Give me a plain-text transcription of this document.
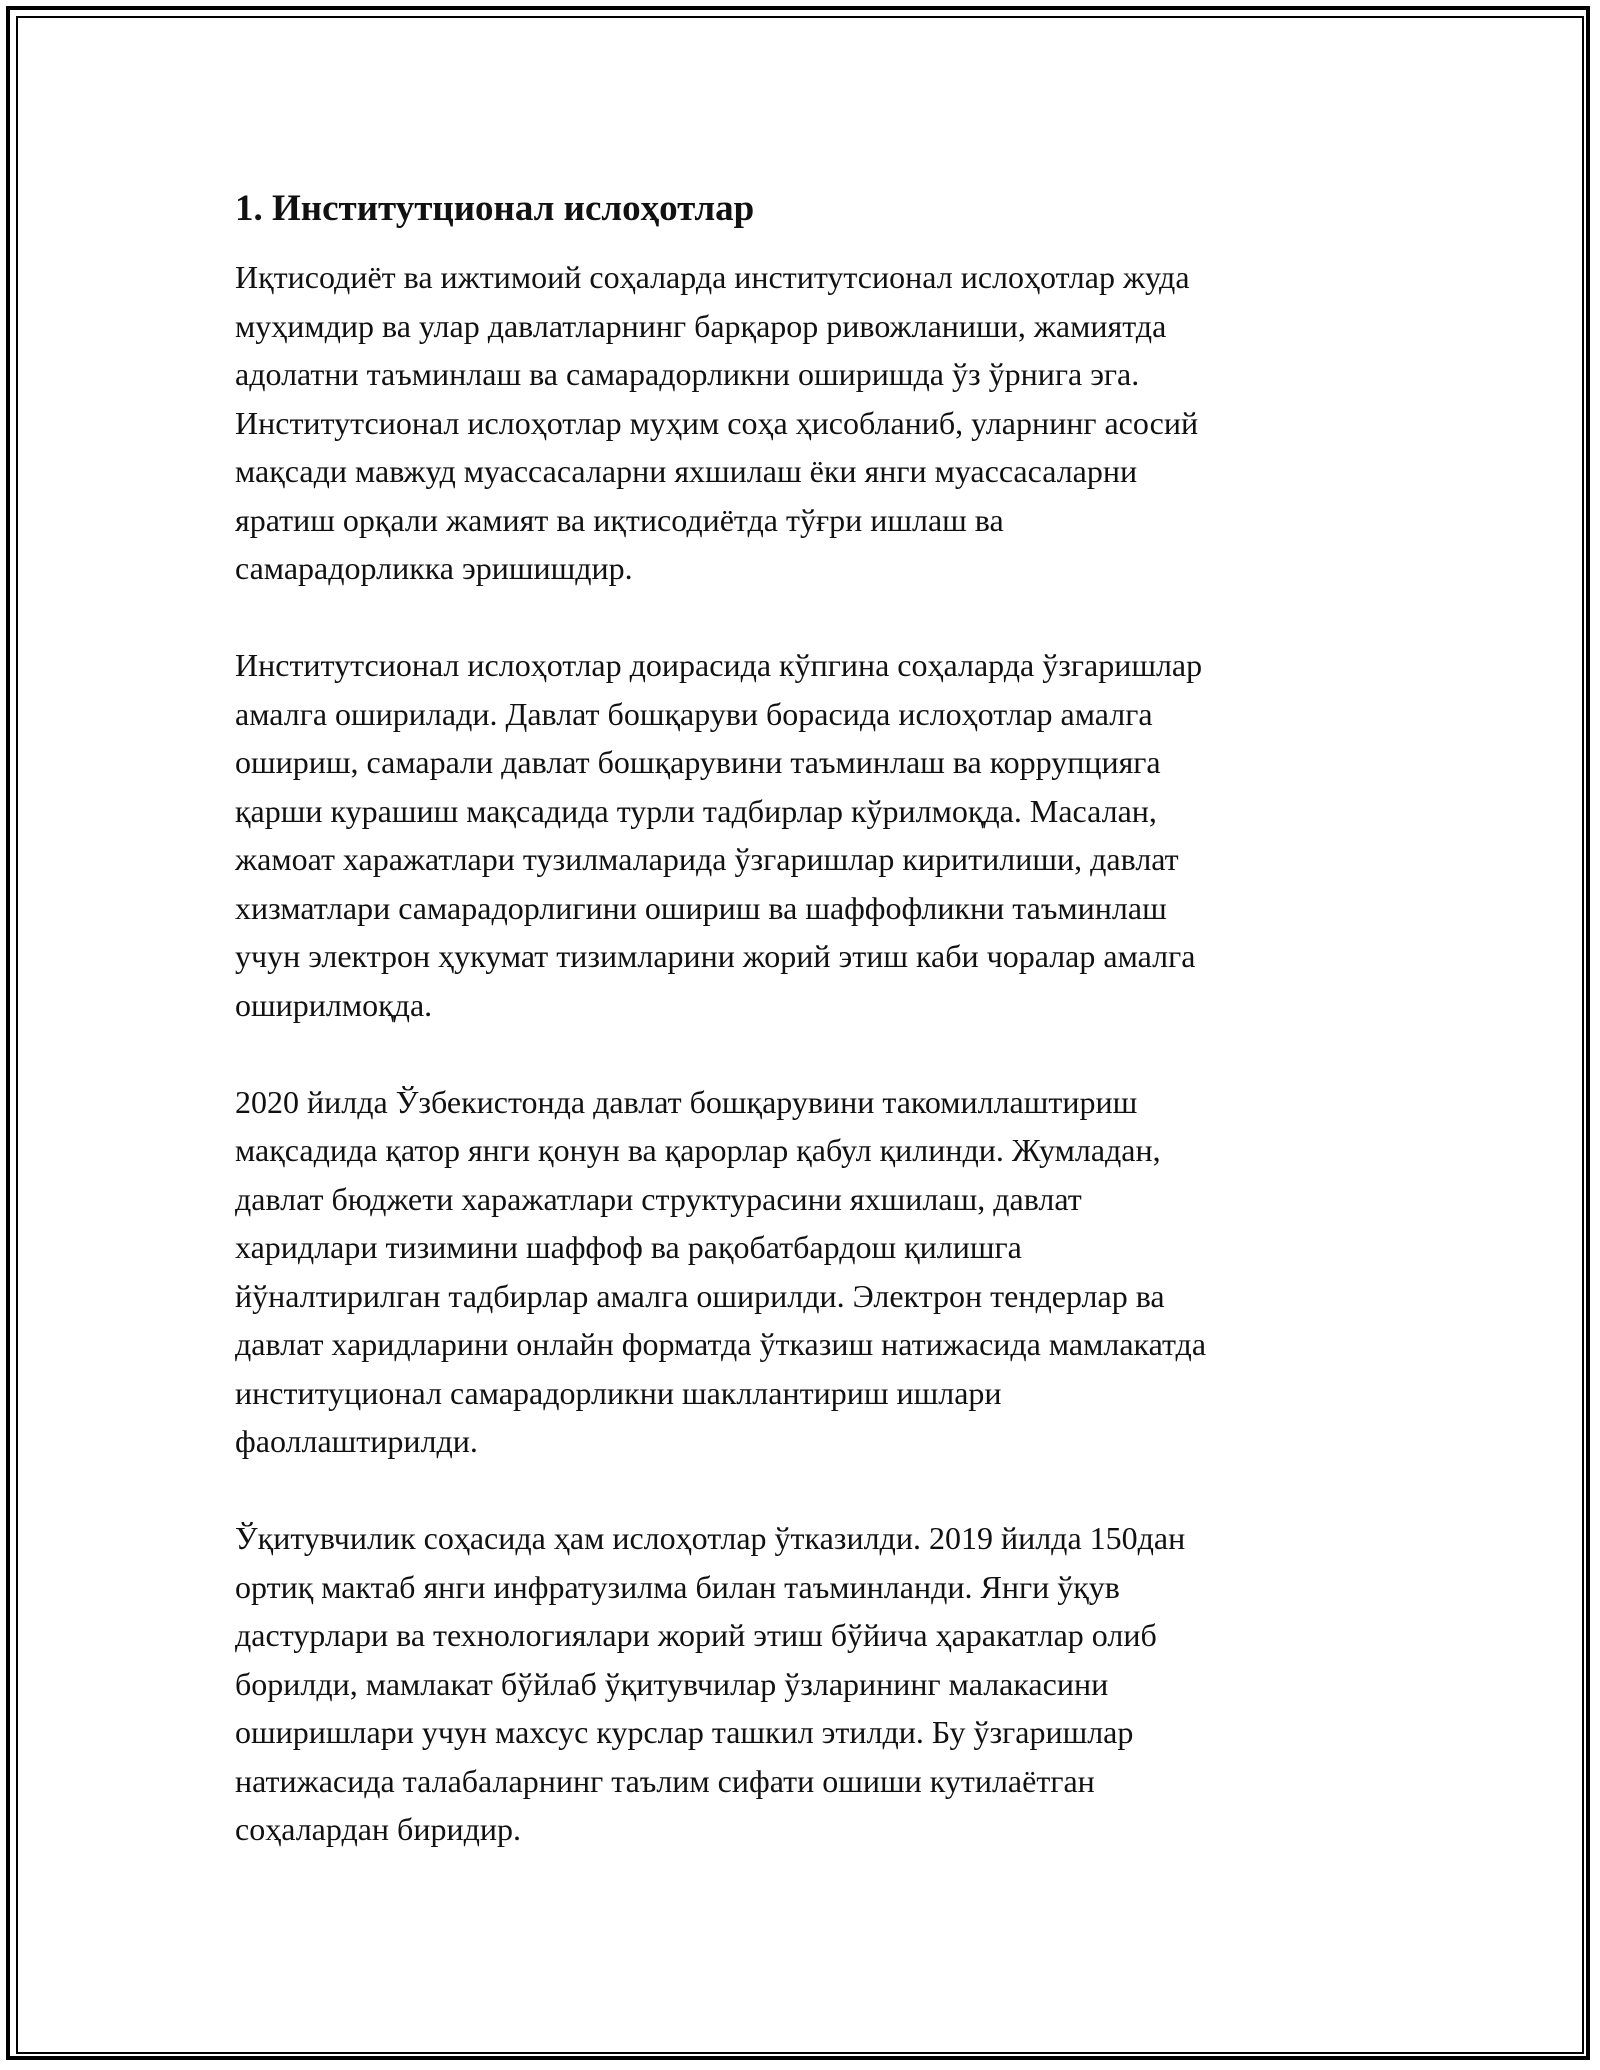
1. Институтционал ислоҳотлар
Иқтисодиёт ва ижтимоий соҳаларда институтсионал ислоҳотлар жуда
муҳимдир ва улар давлатларнинг барқарор ривожланиши, жамиятда
адолатни таъминлаш ва самарадорликни оширишда ўз ўрнига эга.
Институтсионал ислоҳотлар муҳим соҳа ҳисобланиб, уларнинг асосий
мақсади мавжуд муассасаларни яхшилаш ёки янги муассасаларни
яратиш орқали жамият ва иқтисодиётда тўғри ишлаш ва
самарадорликка эришишдир.
Институтсионал ислоҳотлар доирасида кўпгина соҳаларда ўзгаришлар
амалга оширилади. Давлат бошқаруви борасида ислоҳотлар амалга
ошириш, самарали давлат бошқарувини таъминлаш ва коррупцияга
қарши курашиш мақсадида турли тадбирлар кўрилмоқда. Масалан,
жамоат харажатлари тузилмаларида ўзгаришлар киритилиши, давлат
хизматлари самарадорлигини ошириш ва шаффофликни таъминлаш
учун электрон ҳукумат тизимларини жорий этиш каби чоралар амалга
оширилмоқда.
2020 йилда Ўзбекистонда давлат бошқарувини такомиллаштириш
мақсадида қатор янги қонун ва қарорлар қабул қилинди. Жумладан,
давлат бюджети харажатлари структурасини яхшилаш, давлат
харидлари тизимини шаффоф ва рақобатбардош қилишга
йўналтирилган тадбирлар амалга оширилди. Электрон тендерлар ва
давлат харидларини онлайн форматда ўтказиш натижасида мамлакатда
институционал самарадорликни шакллантириш ишлари
фаоллаштирилди.
Ўқитувчилик соҳасида ҳам ислоҳотлар ўтказилди. 2019 йилда 150дан
ортиқ мактаб янги инфратузилма билан таъминланди. Янги ўқув
дастурлари ва технологиялари жорий этиш бўйича ҳаракатлар олиб
борилди, мамлакат бўйлаб ўқитувчилар ўзларининг малакасини
оширишлари учун махсус курслар ташкил этилди. Бу ўзгаришлар
натижасида талабаларнинг таълим сифати ошиши кутилаётган
соҳалардан биридир.
